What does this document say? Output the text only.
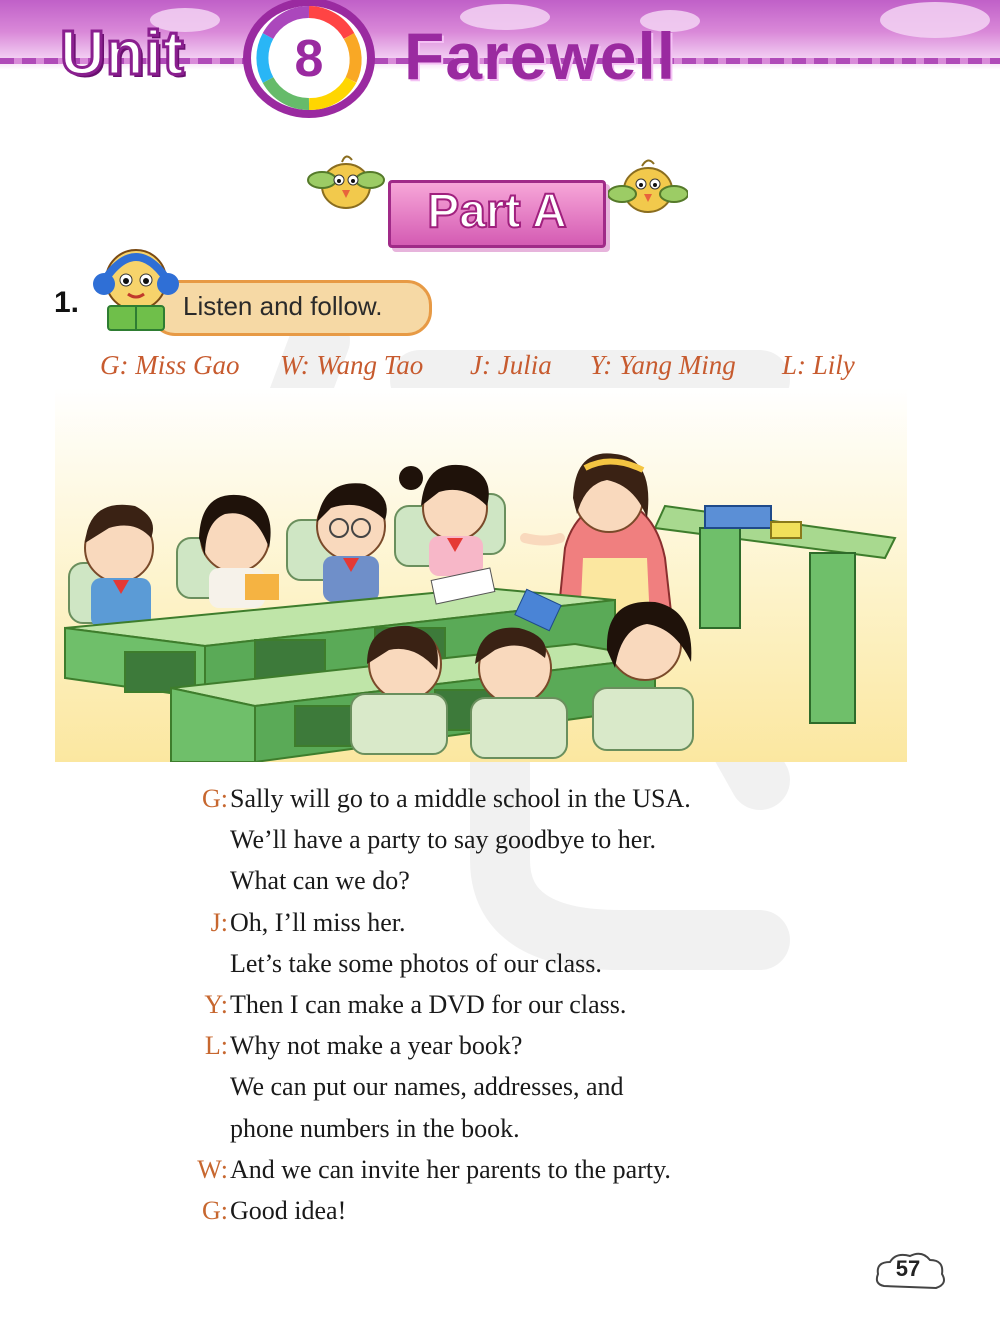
Unit 8 Farewell
Part A
1.	Listen and follow.
G: Miss Gao W: Wang Tao J: Julia Y: Yang Ming L: Lily
G: Sally will go to a middle school in the USA.
We’ll have a party to say goodbye to her.
What can we do?
J: Oh, I’ll miss her.
Let’s take some photos of our class.
Y: Then I can make a DVD for our class.
L: Why not make a year book?
We can put our names, addresses, and
phone numbers in the book.
W: And we can invite her parents to the party.
G: Good idea!
57
